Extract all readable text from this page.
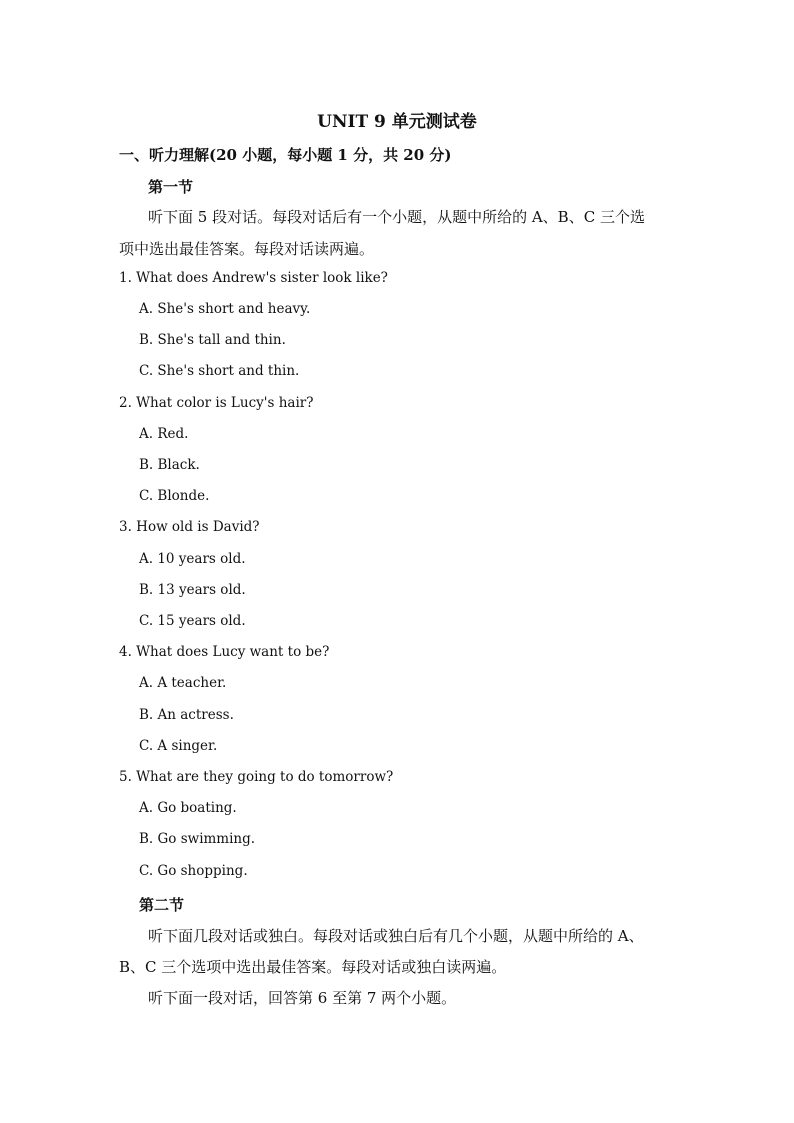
UNIT 9 单元测试卷
一、听力理解(20 小题，每小题 1 分，共 20 分)
第一节
听下面 5 段对话。每段对话后有一个小题，从题中所给的 A、B、C 三个选
项中选出最佳答案。每段对话读两遍。
1. What does Andrew's sister look like?
A. She's short and heavy.
B. She's tall and thin.
C. She's short and thin.
2. What color is Lucy's hair?
A. Red.
B. Black.
C. Blonde.
3. How old is David?
A. 10 years old.
B. 13 years old.
C. 15 years old.
4. What does Lucy want to be?
A. A teacher.
B. An actress.
C. A singer.
5. What are they going to do tomorrow?
A. Go boating.
B. Go swimming.
C. Go shopping.
第二节
听下面几段对话或独白。每段对话或独白后有几个小题，从题中所给的 A、
B、C 三个选项中选出最佳答案。每段对话或独白读两遍。
听下面一段对话，回答第 6 至第 7 两个小题。
